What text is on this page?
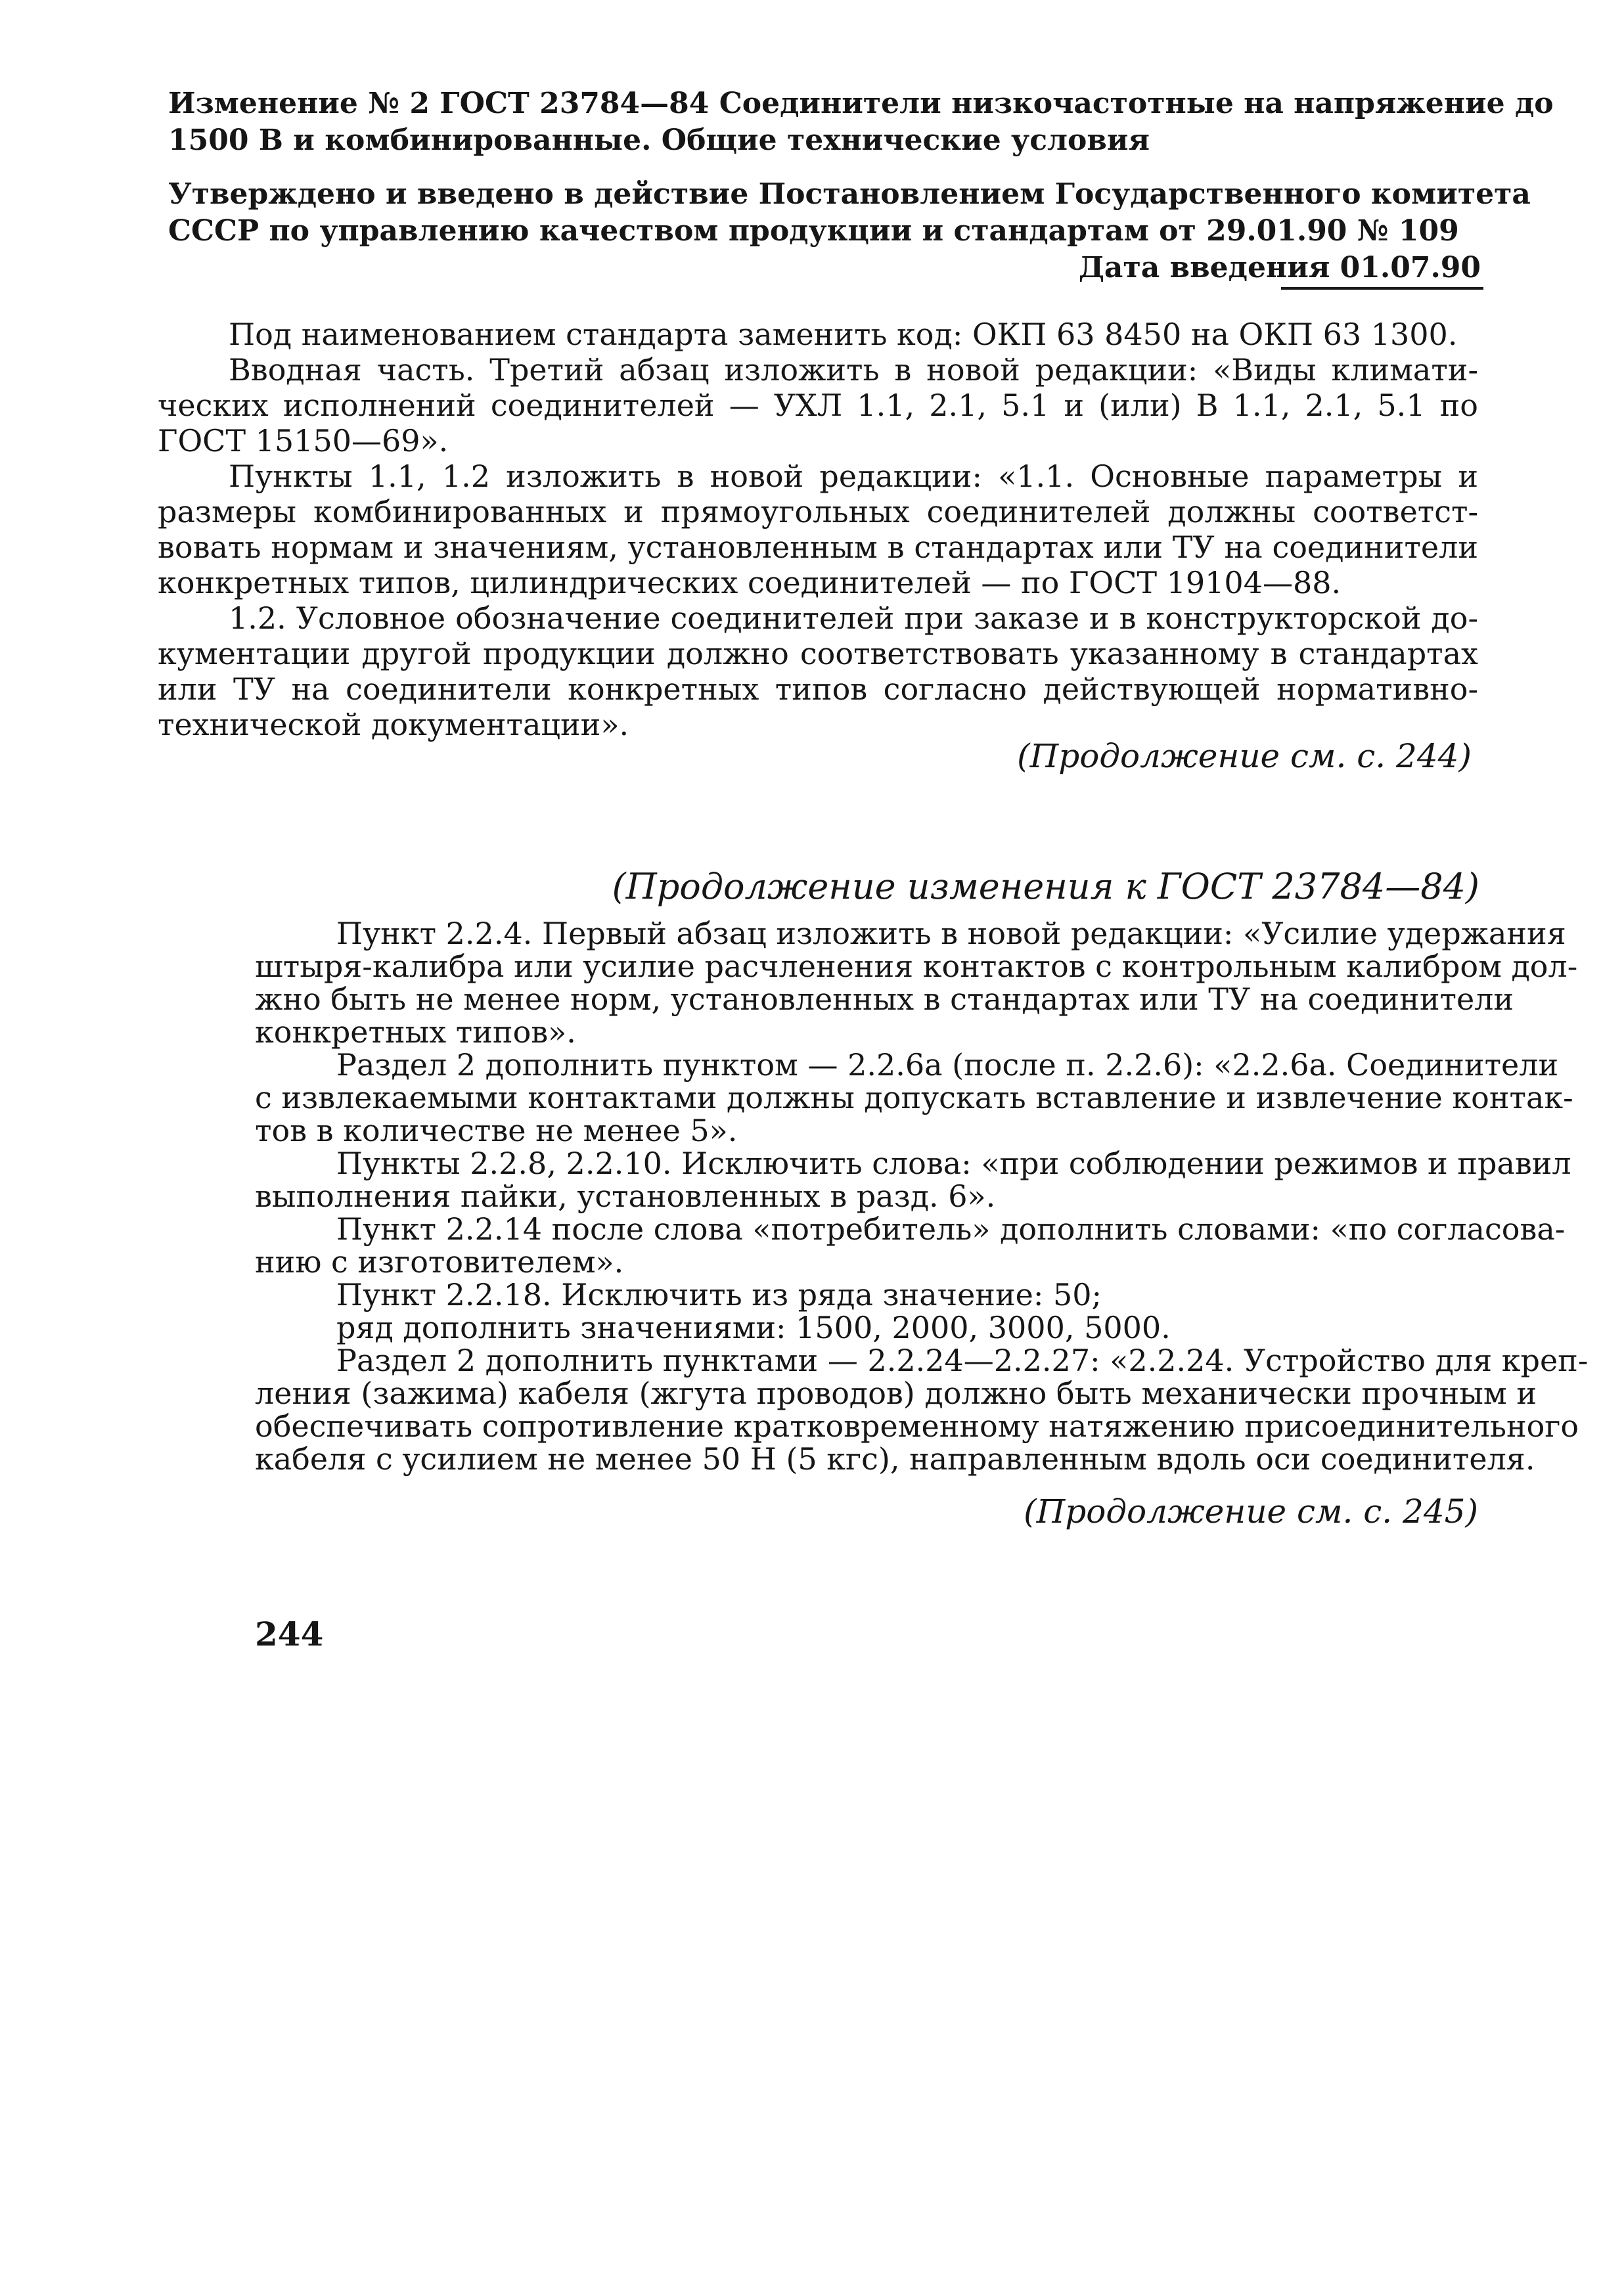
Изменение № 2 ГОСТ 23784—84 Соединители низкочастотные на напряжение до
1500 В и комбинированные. Общие технические условия
Утверждено и введено в действие Постановлением Государственного комитета
СССР по управлению качеством продукции и стандартам от 29.01.90 № 109
Дата введения 01.07.90
Под наименованием стандарта заменить код: ОКП 63 8450 на ОКП 63 1300.
Вводная часть. Третий абзац изложить в новой редакции: «Виды климати-
ческих исполнений соединителей — УХЛ 1.1, 2.1, 5.1 и (или) В 1.1, 2.1, 5.1 по
ГОСТ 15150—69».
Пункты 1.1, 1.2 изложить в новой редакции: «1.1. Основные параметры и
размеры комбинированных и прямоугольных соединителей должны соответст-
вовать нормам и значениям, установленным в стандартах или ТУ на соединители
конкретных типов, цилиндрических соединителей — по ГОСТ 19104—88.
1.2. Условное обозначение соединителей при заказе и в конструкторской до-
кументации другой продукции должно соответствовать указанному в стандартах
или ТУ на соединители конкретных типов согласно действующей нормативно-
технической документации».
(Продолжение см. с. 244)
(Продолжение изменения к ГОСТ 23784—84)
Пункт 2.2.4. Первый абзац изложить в новой редакции: «Усилие удержания
штыря-калибра или усилие расчленения контактов с контрольным калибром дол-
жно быть не менее норм, установленных в стандартах или ТУ на соединители
конкретных типов».
Раздел 2 дополнить пунктом — 2.2.6а (после п. 2.2.6): «2.2.6а. Соединители
с извлекаемыми контактами должны допускать вставление и извлечение контак-
тов в количестве не менее 5».
Пункты 2.2.8, 2.2.10. Исключить слова: «при соблюдении режимов и правил
выполнения пайки, установленных в разд. 6».
Пункт 2.2.14 после слова «потребитель» дополнить словами: «по согласова-
нию с изготовителем».
Пункт 2.2.18. Исключить из ряда значение: 50;
ряд дополнить значениями: 1500, 2000, 3000, 5000.
Раздел 2 дополнить пунктами — 2.2.24—2.2.27: «2.2.24. Устройство для креп-
ления (зажима) кабеля (жгута проводов) должно быть механически прочным и
обеспечивать сопротивление кратковременному натяжению присоединительного
кабеля с усилием не менее 50 Н (5 кгс), направленным вдоль оси соединителя.
(Продолжение см. с. 245)
244
